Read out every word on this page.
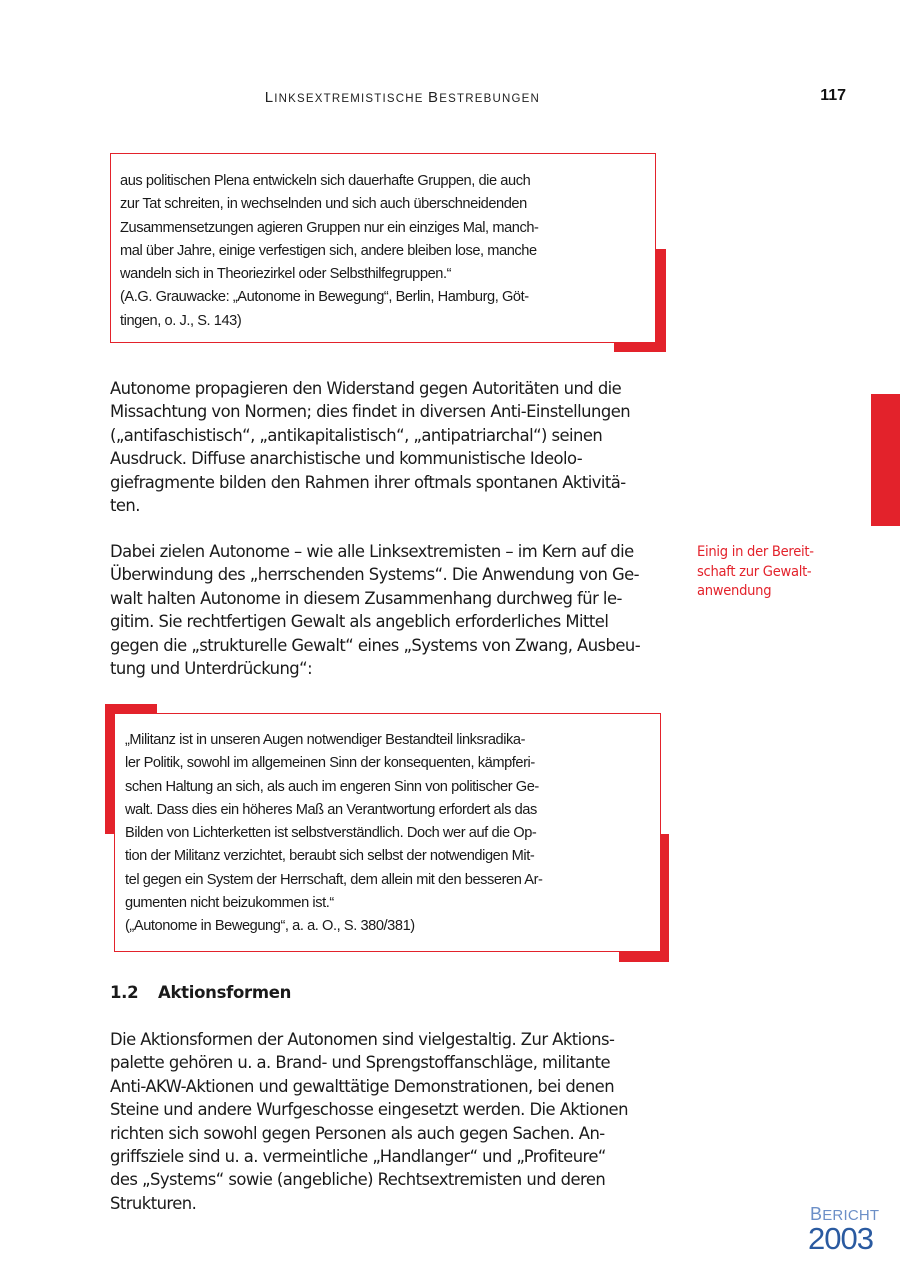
LINKSEXTREMISTISCHE BESTREBUNGEN	117
aus politischen Plena entwickeln sich dauerhafte Gruppen, die auch
zur Tat schreiten, in wechselnden und sich auch überschneidenden
Zusammensetzungen agieren Gruppen nur ein einziges Mal, manch-
mal über Jahre, einige verfestigen sich, andere bleiben lose, manche
wandeln sich in Theoriezirkel oder Selbsthilfegruppen.“
(A.G. Grauwacke: „Autonome in Bewegung“, Berlin, Hamburg, Göt-
tingen, o. J., S. 143)
Autonome propagieren den Widerstand gegen Autoritäten und die
Missachtung von Normen; dies findet in diversen Anti-Einstellungen
(„antifaschistisch“, „antikapitalistisch“, „antipatriarchal“) seinen
Ausdruck. Diffuse anarchistische und kommunistische Ideolo-
giefragmente bilden den Rahmen ihrer oftmals spontanen Aktivitä-
ten.
Dabei zielen Autonome – wie alle Linksextremisten – im Kern auf die
Überwindung des „herrschenden Systems“. Die Anwendung von Ge-
walt halten Autonome in diesem Zusammenhang durchweg für le-
gitim. Sie rechtfertigen Gewalt als angeblich erforderliches Mittel
gegen die „strukturelle Gewalt“ eines „Systems von Zwang, Ausbeu-
tung und Unterdrückung“:
Einig in der Bereit-
schaft zur Gewalt-
anwendung
„Militanz ist in unseren Augen notwendiger Bestandteil linksradika-
ler Politik, sowohl im allgemeinen Sinn der konsequenten, kämpferi-
schen Haltung an sich, als auch im engeren Sinn von politischer Ge-
walt. Dass dies ein höheres Maß an Verantwortung erfordert als das
Bilden von Lichterketten ist selbstverständlich. Doch wer auf die Op-
tion der Militanz verzichtet, beraubt sich selbst der notwendigen Mit-
tel gegen ein System der Herrschaft, dem allein mit den besseren Ar-
gumenten nicht beizukommen ist.“
(„Autonome in Bewegung“, a. a. O., S. 380/381)
1.2 Aktionsformen
Die Aktionsformen der Autonomen sind vielgestaltig. Zur Aktions-
palette gehören u. a. Brand- und Sprengstoffanschläge, militante
Anti-AKW-Aktionen und gewalttätige Demonstrationen, bei denen
Steine und andere Wurfgeschosse eingesetzt werden. Die Aktionen
richten sich sowohl gegen Personen als auch gegen Sachen. An-
griffsziele sind u. a. vermeintliche „Handlanger“ und „Profiteure“
des „Systems“ sowie (angebliche) Rechtsextremisten und deren
Strukturen.
BERICHT
2003
